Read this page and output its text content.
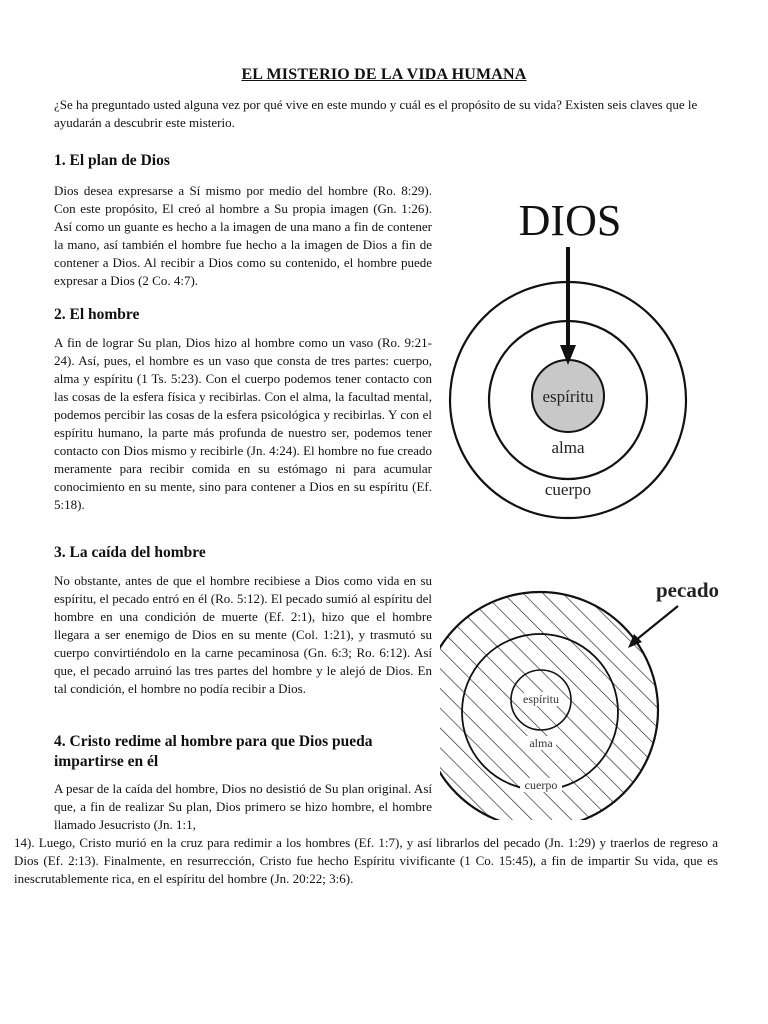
EL MISTERIO DE LA VIDA HUMANA
¿Se ha preguntado usted alguna vez por qué vive en este mundo y cuál es el propósito de su vida? Existen seis claves que le ayudarán a descubrir este misterio.
1. El plan de Dios
Dios desea expresarse a Sí mismo por medio del hombre (Ro. 8:29). Con este propósito, El creó al hombre a Su propia imagen (Gn. 1:26). Así como un guante es hecho a la imagen de una mano a fin de contener la mano, así también el hombre fue hecho a la imagen de Dios a fin de contener a Dios. Al recibir a Dios como su contenido, el hombre puede expresar a Dios (2 Co. 4:7).
2. El hombre
A fin de lograr Su plan, Dios hizo al hombre como un vaso (Ro. 9:21-24). Así, pues, el hombre es un vaso que consta de tres partes: cuerpo, alma y espíritu (1 Ts. 5:23). Con el cuerpo podemos tener contacto con las cosas de la esfera física y recibirlas. Con el alma, la facultad mental, podemos percibir las cosas de la esfera psicológica y recibirlas. Y con el espíritu humano, la parte más profunda de nuestro ser, podemos tener contacto con Dios mismo y recibirle (Jn. 4:24). El hombre no fue creado meramente para recibir comida en su estómago ni para acumular conocimiento en su mente, sino para contener a Dios en su espíritu (Ef. 5:18).
3. La caída del hombre
No obstante, antes de que el hombre recibiese a Dios como vida en su espíritu, el pecado entró en él (Ro. 5:12). El pecado sumió al espíritu del hombre en una condición de muerte (Ef. 2:1), hizo que el hombre llegara a ser enemigo de Dios en su mente (Col. 1:21), y trasmutó su cuerpo convirtiéndolo en la carne pecaminosa (Gn. 6:3; Ro. 6:12). Así que, el pecado arruinó las tres partes del hombre y le alejó de Dios. En tal condición, el hombre no podía recibir a Dios.
4. Cristo redime al hombre para que Dios pueda impartirse en él
A pesar de la caída del hombre, Dios no desistió de Su plan original. Así que, a fin de realizar Su plan, Dios primero se hizo hombre, el hombre llamado Jesucristo (Jn. 1:1,
14). Luego, Cristo murió en la cruz para redimir a los hombres (Ef. 1:7), y así librarlos del pecado (Jn. 1:29) y traerlos de regreso a Dios (Ef. 2:13). Finalmente, en resurrección, Cristo fue hecho Espíritu vivificante (1 Co. 15:45), a fin de impartir Su vida, que es inescrutablemente rica, en el espíritu del hombre (Jn. 20:22; 3:6).
DIOS
espíritu
alma
cuerpo
espíritu
alma
cuerpo
pecado
